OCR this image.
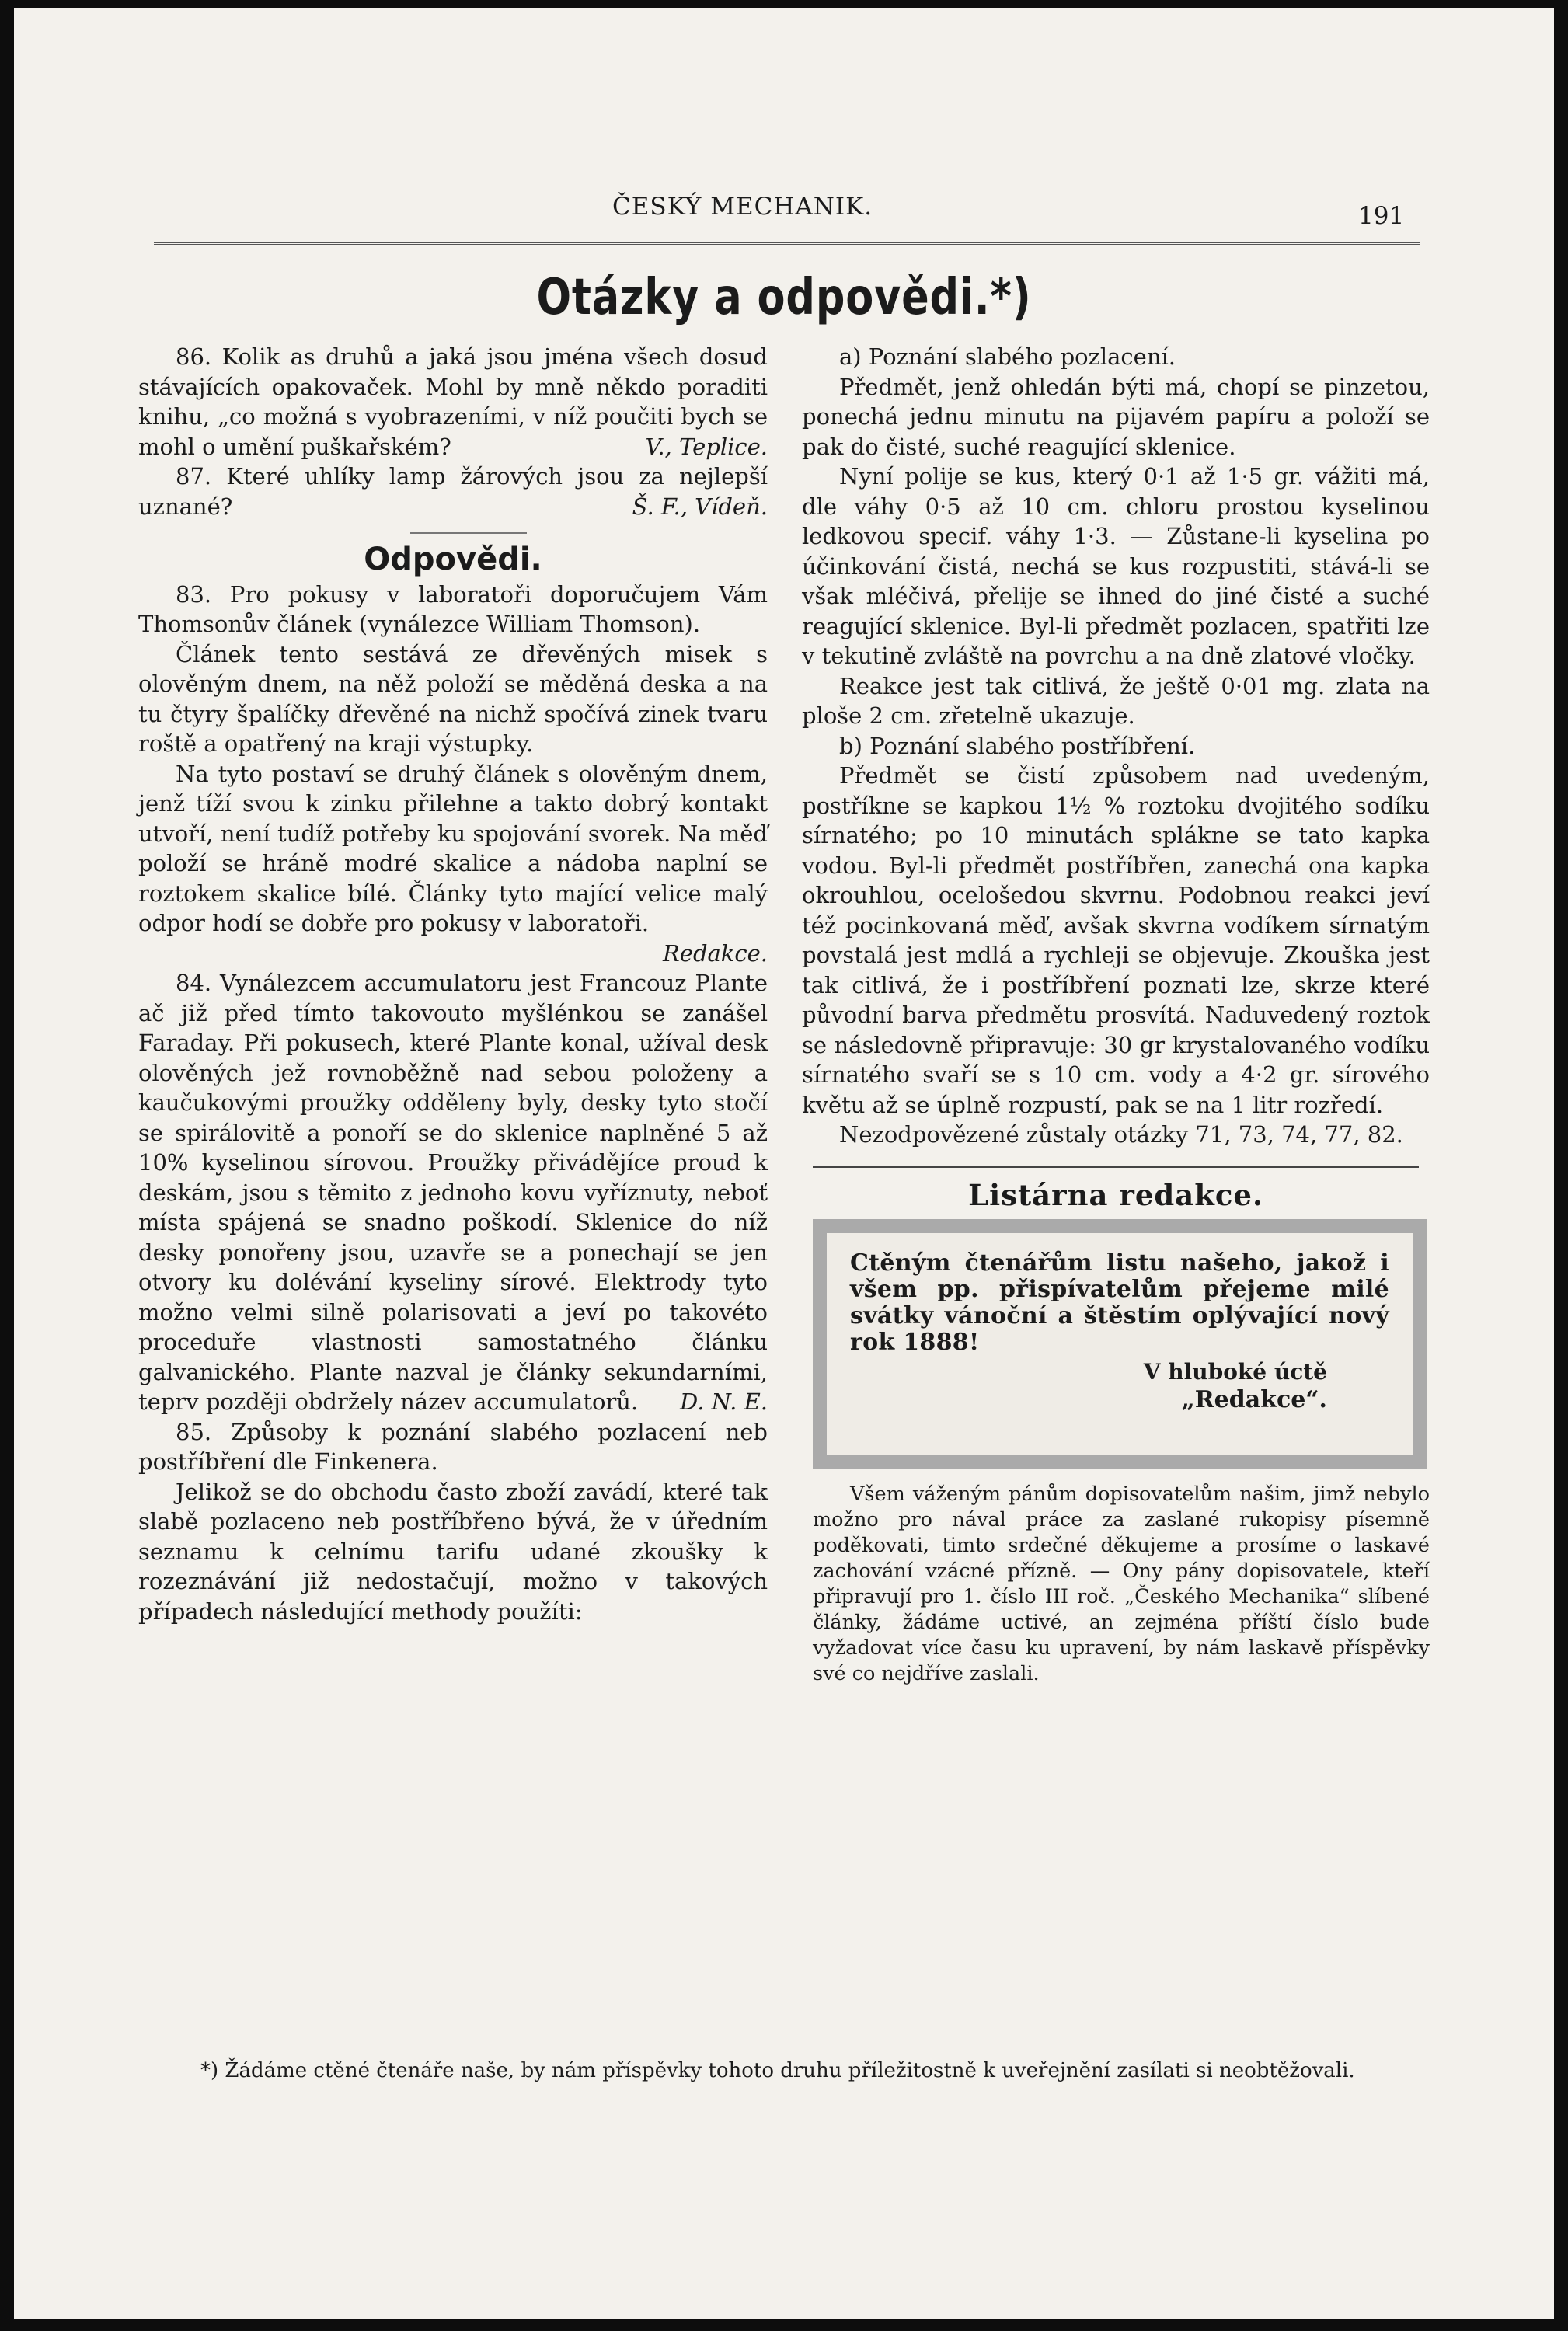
ČESKÝ MECHANIK.	191
Otázky a odpovědi.*)

86. Kolik as druhů a jaká jsou jména všech dosud stávajících opakovaček. Mohl by mně někdo poraditi knihu, „co možná s vyobrazeními, v níž poučiti bych se mohl o umění puškařském?	V., Teplice.

87. Které uhlíky lamp žárových jsou za nejlepší uznané?	Š. F., Vídeň.

Odpovědi.

83. Pro pokusy v laboratoři doporučujem Vám Thomsonův článek (vynálezce William Thomson).

Článek tento sestává ze dřevěných misek s olověným dnem, na něž položí se měděná deska a na tu čtyry špalíčky dřevěné na nichž spočívá zinek tvaru roště a opatřený na kraji výstupky.

Na tyto postaví se druhý článek s olověným dnem, jenž tíží svou k zinku přilehne a takto dobrý kontakt utvoří, není tudíž potřeby ku spojování svorek. Na měď položí se hráně modré skalice a nádoba naplní se roztokem skalice bílé. Články tyto mající velice malý odpor hodí se dobře pro pokusy v laboratoři.
Redakce.

84. Vynálezcem accumulatoru jest Francouz Plante ač již před tímto takovouto myšlénkou se zanášel Faraday. Při pokusech, které Plante konal, užíval desk olověných jež rovnoběžně nad sebou položeny a kaučukovými proužky odděleny byly, desky tyto stočí se spirálovitě a ponoří se do sklenice naplněné 5 až 10% kyselinou sírovou. Proužky přivádějíce proud k deskám, jsou s těmito z jednoho kovu vyříznuty, neboť místa spájená se snadno poškodí. Sklenice do níž desky ponořeny jsou, uzavře se a ponechají se jen otvory ku dolévání kyseliny sírové. Elektrody tyto možno velmi silně polarisovati a jeví po takovéto proceduře vlastnosti samostatného článku galvanického. Plante nazval je články sekundarními, teprv později obdržely název accumulatorů.	D. N. E.

85. Způsoby k poznání slabého pozlacení neb postříbření dle Finkenera.

Jelikož se do obchodu často zboží zavádí, které tak slabě pozlaceno neb postříbřeno bývá, že v úředním seznamu k celnímu tarifu udané zkoušky k rozeznávání již nedostačují, možno v takových případech následující methody použíti:

a) Poznání slabého pozlacení.

Předmět, jenž ohledán býti má, chopí se pinzetou, ponechá jednu minutu na pijavém papíru a položí se pak do čisté, suché reagující sklenice.

Nyní polije se kus, který 0·1 až 1·5 gr. vážiti má, dle váhy 0·5 až 10 cm. chloru prostou kyselinou ledkovou specif. váhy 1·3. — Zůstane-li kyselina po účinkování čistá, nechá se kus rozpustiti, stává-li se však mléčivá, přelije se ihned do jiné čisté a suché reagující sklenice. Byl-li předmět pozlacen, spatřiti lze v tekutině zvláště na povrchu a na dně zlatové vločky.

Reakce jest tak citlivá, že ještě 0·01 mg. zlata na ploše 2 cm. zřetelně ukazuje.

b) Poznání slabého postříbření.

Předmět se čistí způsobem nad uvedeným, postříkne se kapkou 1½ % roztoku dvojitého sodíku sírnatého; po 10 minutách spláknе se tato kapka vodou. Byl-li předmět postříbřen, zanechá ona kapka okrouhlou, ocelošedou skvrnu. Podobnou reakci jeví též pocinkovaná měď, avšak skvrna vodíkem sírnatým povstalá jest mdlá a rychleji se objevuje. Zkouška jest tak citlivá, že i postříbření poznati lze, skrze které původní barva předmětu prosvítá. Naduvedený roztok se následovně připravuje: 30 gr krystalovaného vodíku sírnatého svaří se s 10 cm. vody a 4·2 gr. sírového květu až se úplně rozpustí, pak se na 1 litr rozředí.

Nezodpovězené zůstaly otázky 71, 73, 74, 77, 82.

Listárna redakce.
Ctěným čtenářům listu našeho, jakož i všem pp. přispívatelům přejeme milé svátky vánoční a štěstím oplývající nový rok 1888!
V hluboké úctě
„Redakce“.
Všem váženým pánům dopisovatelům našim, jimž nebylo možno pro nával práce za zaslané rukopisy písemně poděkovati, timto srdečné děkujeme a prosíme o laskavé zachování vzácné přízně. — Ony pány dopisovatele, kteří připravují pro 1. číslo III roč. „Českého Mechanika“ slíbené články, žádáme uctivé, an zejména příští číslo bude vyžadovat více času ku upravení, by nám laskavě příspěvky své co nejdříve zaslali.
*) Žádáme ctěné čtenáře naše, by nám příspěvky tohoto druhu příležitostně k uveřejnění zasílati si neobtěžovali.
